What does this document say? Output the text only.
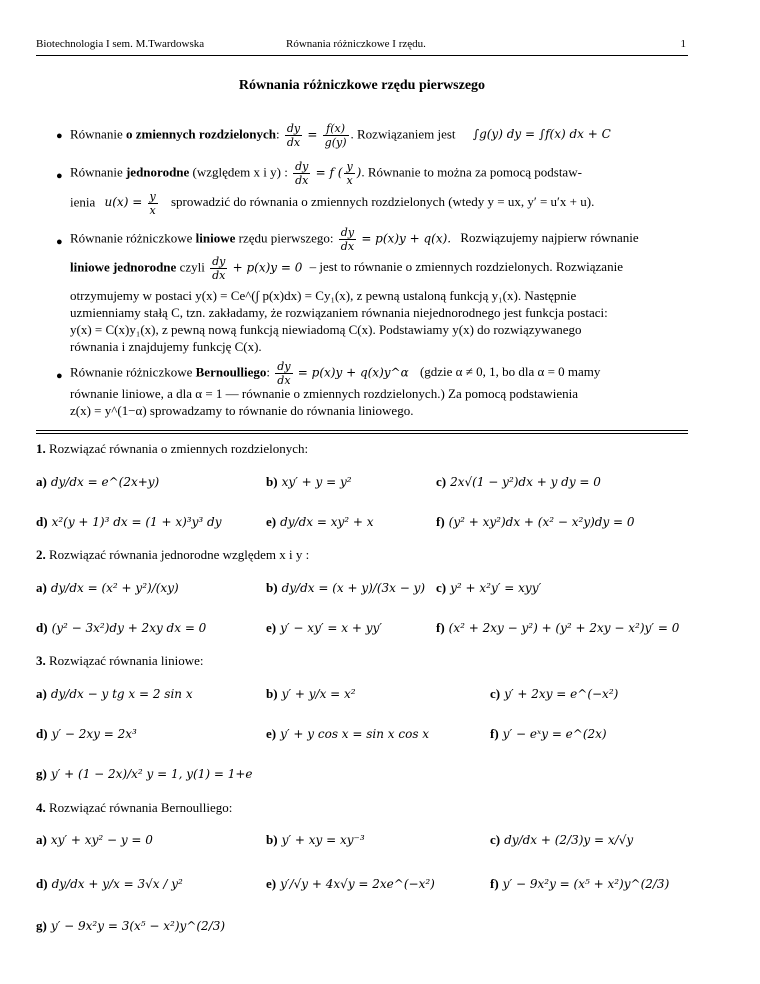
Biotechnologia I sem. M.Twardowska	Równania różniczkowe I rzędu.	1
Równania różniczkowe rzędu pierwszego
● Równanie o zmiennych rozdzielonych: $\frac{dy}{dx} = \frac{f(x)}{g(y)}$ . Rozwiązaniem jest ∫g(y) dy = ∫f(x) dx + C
● Równanie jednorodne (względem x i y) : $\frac{dy}{dx} = f$ ( $\frac{y}{x}$ ). Równanie to można za pomocą podstaw-
ienia $u(x) = \frac{y}{x}$ sprowadzić do równania o zmiennych rozdzielonych (wtedy y = ux, y′ = u′x + u).
● Równanie różniczkowe liniowe rzędu pierwszego: $\frac{dy}{dx} = p(x)y + q(x)$. Rozwiązujemy najpierw równanie
liniowe jednorodne czyli $\frac{dy}{dx} + p(x)y = 0$ – jest to równanie o zmiennych rozdzielonych. Rozwiązanie
otrzymujemy w postaci y(x) = Ce^(∫ p(x)dx) = Cy₁(x), z pewną ustaloną funkcją y₁(x). Następnie
uzmienniamy stałą C, tzn. zakładamy, że rozwiązaniem równania niejednorodnego jest funkcja postaci:
y(x) = C(x)y₁(x), z pewną nową funkcją niewiadomą C(x). Podstawiamy y(x) do rozwiązywanego
równania i znajdujemy funkcję C(x).
● Równanie różniczkowe Bernoulliego: $\frac{dy}{dx} = p(x)y$ + q(x)y^α (gdzie α ≠ 0, 1, bo dla α = 0 mamy
równanie liniowe, a dla α = 1 — równanie o zmiennych rozdzielonych.) Za pomocą podstawienia
z(x) = y^(1−α) sprowadzamy to równanie do równania liniowego.
1. Rozwiązać równania o zmiennych rozdzielonych:
a) dy/dx = e^(2x+y)	b) xy′ + y = y²	c) 2x√(1 − y²)dx + y dy = 0
d) x²(y + 1)³ dx = (1 + x)³y³ dy	e) dy/dx = xy² + x	f) (y² + xy²)dx + (x² − x²y)dy = 0
2. Rozwiązać równania jednorodne względem x i y :
a) dy/dx = (x² + y²)/(xy)	b) dy/dx = (x + y)/(3x − y) c) y² + x²y′ = xyy′
d) (y² − 3x²)dy + 2xy dx = 0	e) y′ − xy′ = x + yy′	f) (x² + 2xy − y²) + (y² + 2xy − x²)y′ = 0
3. Rozwiązać równania liniowe:
a) dy/dx − y tg x = 2 sin x	b) y′ + y/x = x²	c) y′ + 2xy = e^(−x²)
d) y′ − 2xy = 2x³	e) y′ + y cos x = sin x cos x	f) y′ − eˣy = e^(2x)
g) y′ + (1 − 2x)/x² y = 1, y(1) = 1+e
4. Rozwiązać równania Bernoulliego:
a) xy′ + xy² − y = 0	b) y′ + xy = xy⁻³	c) dy/dx + (2/3)y = x/√y
d) dy/dx + y/x = 3√x / y²	e) y′/√y + 4x√y = 2xe^(−x²)	f) y′ − 9x²y = (x⁵ + x²)y^(2/3)
g) y′ − 9x²y = 3(x⁵ − x²)y^(2/3)
